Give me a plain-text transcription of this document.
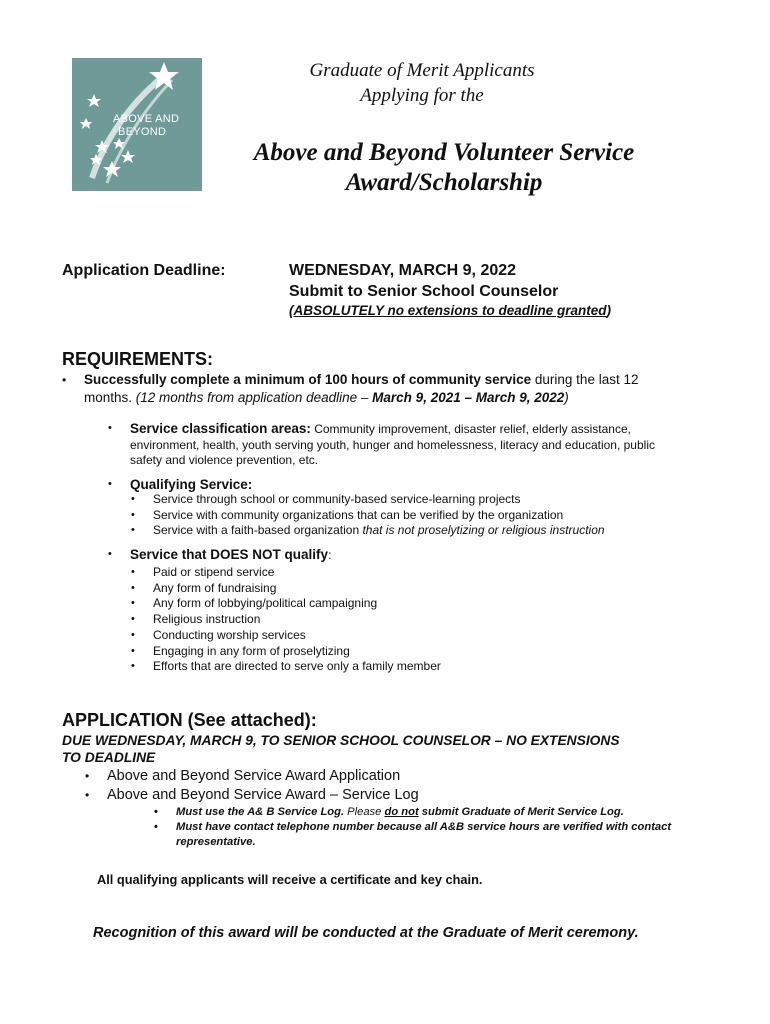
ABOVE AND
BEYOND
Graduate of Merit Applicants
Applying for the
Above and Beyond Volunteer Service
Award/Scholarship
Application Deadline:	WEDNESDAY, MARCH 9, 2022
Submit to Senior School Counselor
(ABSOLUTELY no extensions to deadline granted)
REQUIREMENTS:
• Successfully complete a minimum of 100 hours of community service during the last 12 months. (12 months from application deadline – March 9, 2021 – March 9, 2022)
• Service classification areas: Community improvement, disaster relief, elderly assistance, environment, health, youth serving youth, hunger and homelessness, literacy and education, public safety and violence prevention, etc.
• Qualifying Service:
• Service through school or community-based service-learning projects
• Service with community organizations that can be verified by the organization
• Service with a faith-based organization that is not proselytizing or religious instruction
• Service that DOES NOT qualify:
• Paid or stipend service
• Any form of fundraising
• Any form of lobbying/political campaigning
• Religious instruction
• Conducting worship services
• Engaging in any form of proselytizing
• Efforts that are directed to serve only a family member
APPLICATION (See attached):
DUE WEDNESDAY, MARCH 9, TO SENIOR SCHOOL COUNSELOR – NO EXTENSIONS
TO DEADLINE
• Above and Beyond Service Award Application
• Above and Beyond Service Award – Service Log
• Must use the A& B Service Log. Please do not submit Graduate of Merit Service Log.
• Must have contact telephone number because all A&B service hours are verified with contact representative.
All qualifying applicants will receive a certificate and key chain.
Recognition of this award will be conducted at the Graduate of Merit ceremony.
